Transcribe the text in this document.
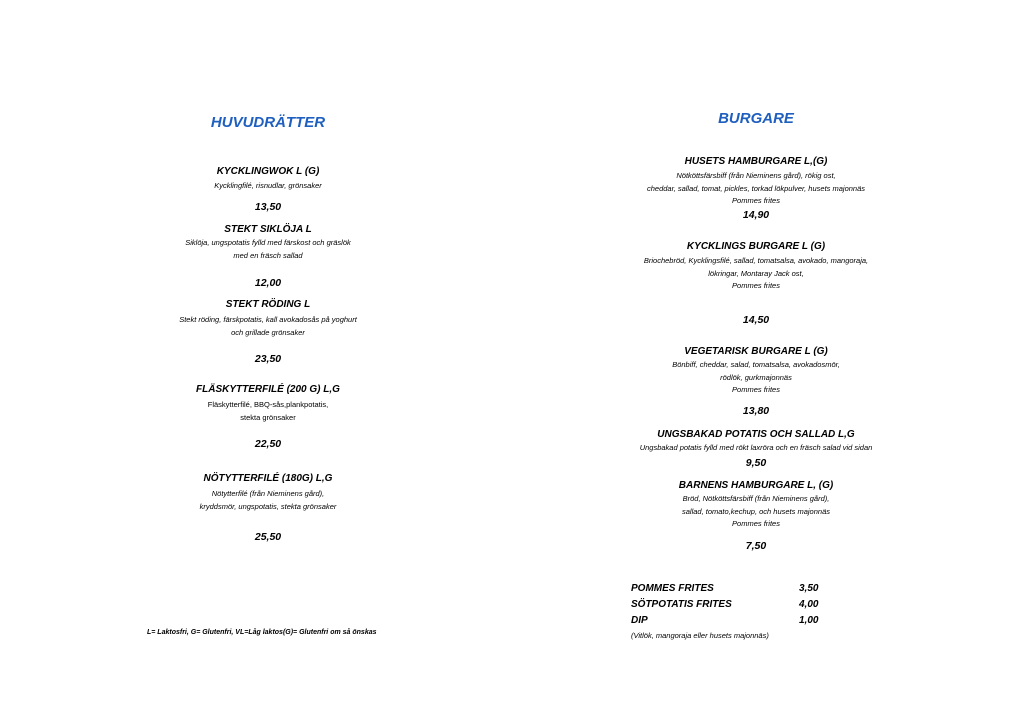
HUVUDRÄTTER
KYCKLINGWOK L (G)
Kycklingfilé, risnudlar, grönsaker
13,50
STEKT SIKLÖJA L
Siklöja, ungspotatis fylld med färskost och gräslök
med en fräsch sallad
12,00
STEKT RÖDING L
Stekt röding, färskpotatis, kall avokadosås på yoghurt
och grillade grönsaker
23,50
FLÄSKYTTERFILÉ (200 G) L,G
Fläskytterfilé, BBQ-sås,plankpotatis,
stekta grönsaker
22,50
NÖTYTTERFILÉ (180G) L,G
Nötytterfilé (från Nieminens gård),
kryddsmör, ungspotatis, stekta grönsaker
25,50
L= Laktosfri, G= Glutenfri, VL=Låg laktos(G)= Glutenfri om så önskas
BURGARE
HUSETS HAMBURGARE L,(G)
Nötköttsfärsbiff (från Nieminens gård), rökig ost,
cheddar, sallad, tomat, pickles, torkad lökpulver, husets majonnäs
Pommes frites
14,90
KYCKLINGS BURGARE L (G)
Briochebröd, Kycklingsfilé, sallad, tomatsalsa, avokado, mangoraja,
lökringar, Montaray Jack ost,
Pommes frites
14,50
VEGETARISK BURGARE L (G)
Bönbiff, cheddar, salad, tomatsalsa, avokadosmör,
rödlök, gurkmajonnäs
Pommes frites
13,80
UNGSBAKAD POTATIS OCH SALLAD L,G
Ungsbakad potatis fylld med rökt laxröra och en fräsch salad vid sidan
9,50
BARNENS HAMBURGARE L, (G)
Bröd, Nötköttsfärsbiff (från Nieminens gård),
sallad, tomato,kechup, och husets majonnäs
Pommes frites
7,50
POMMES FRITES	3,50
SÖTPOTATIS FRITES	4,00
DIP	1,00
(Vitlök, mangoraja eller husets majonnäs)
